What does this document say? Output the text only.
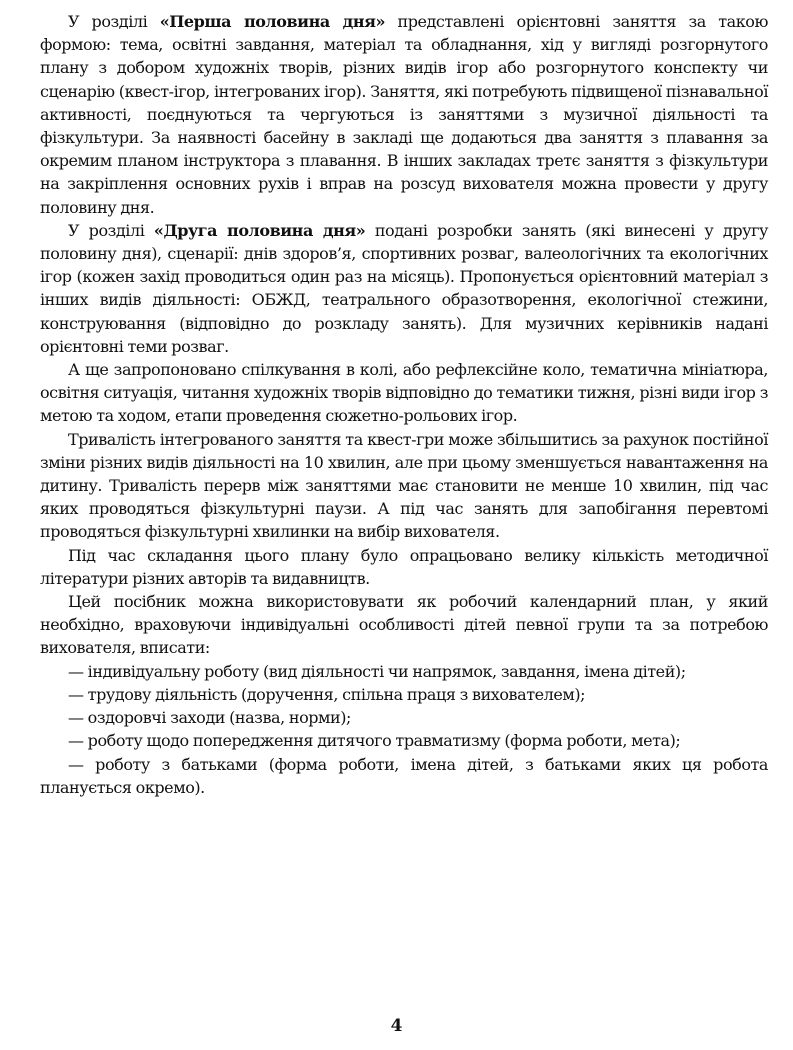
У розділі «Перша половина дня» представлені орієнтовні заняття за такою формою: тема, освітні завдання, матеріал та обладнання, хід у вигляді розгорнутого плану з добором художніх творів, різних видів ігор або розгорнутого конспекту чи сценарію (квест-ігор, інтегрованих ігор). Заняття, які потребують підвищеної пізнавальної активності, поєднуються та чергуються із заняттями з музичної діяльності та фізкультури. За наявності басейну в закладі ще додаються два заняття з плавання за окремим планом інструктора з плавання. В інших закладах третє заняття з фізкультури на закріплення основних рухів і вправ на розсуд вихователя можна провести у другу половину дня.

У розділі «Друга половина дня» подані розробки занять (які винесені у другу половину дня), сценарії: днів здоров’я, спортивних розваг, валеологічних та екологічних ігор (кожен захід проводиться один раз на місяць). Пропонується орієнтовний матеріал з інших видів діяльності: ОБЖД, театрального образотворення, екологічної стежини, конструювання (відповідно до розкладу занять). Для музичних керівників надані орієнтовні теми розваг.

А ще запропоновано спілкування в колі, або рефлексійне коло, тематична мініатюра, освітня ситуація, читання художніх творів відповідно до тематики тижня, різні види ігор з метою та ходом, етапи проведення сюжетно-рольових ігор.

Тривалість інтегрованого заняття та квест-гри може збільшитись за рахунок постійної зміни різних видів діяльності на 10 хвилин, але при цьому зменшується навантаження на дитину. Тривалість перерв між заняттями має становити не менше 10 хвилин, під час яких проводяться фізкультурні паузи. А під час занять для запобігання перевтомі проводяться фізкультурні хвилинки на вибір вихователя.

Під час складання цього плану було опрацьовано велику кількість методичної літератури різних авторів та видавництв.

Цей посібник можна використовувати як робочий календарний план, у який необхідно, враховуючи індивідуальні особливості дітей певної групи та за потребою вихователя, вписати:

— індивідуальну роботу (вид діяльності чи напрямок, завдання, імена дітей);
— трудову діяльність (доручення, спільна праця з вихователем);
— оздоровчі заходи (назва, норми);
— роботу щодо попередження дитячого травматизму (форма роботи, мета);
— роботу з батьками (форма роботи, імена дітей, з батьками яких ця робота планується окремо).
4
